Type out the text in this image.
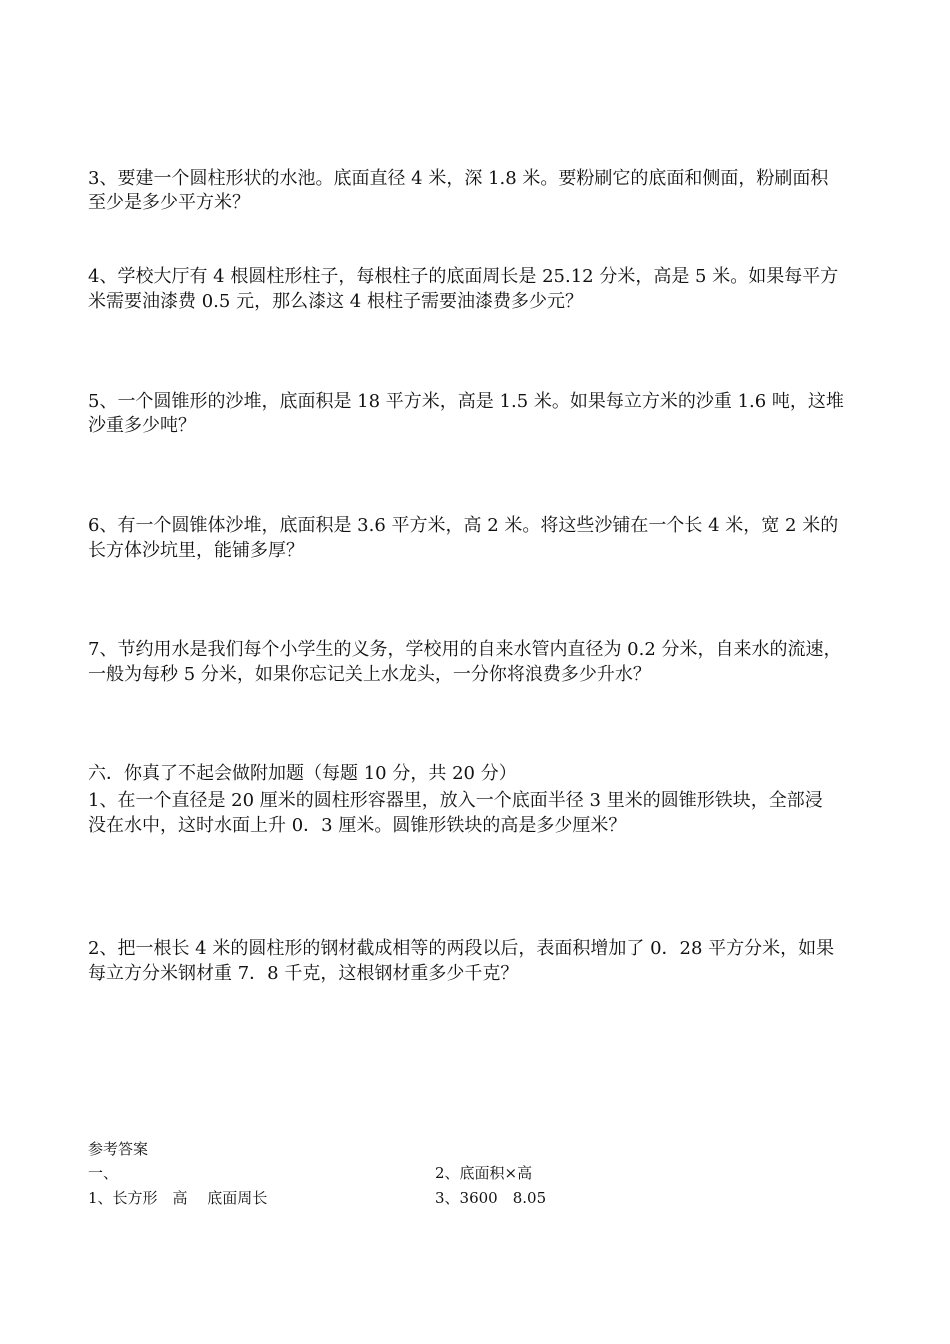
3、要建一个圆柱形状的水池。底面直径 4 米，深 1.8 米。要粉刷它的底面和侧面，粉刷面积
至少是多少平方米？
4、学校大厅有 4 根圆柱形柱子，每根柱子的底面周长是 25.12 分米，高是 5 米。如果每平方
米需要油漆费 0.5 元，那么漆这 4 根柱子需要油漆费多少元？
5、一个圆锥形的沙堆，底面积是 18 平方米，高是 1.5 米。如果每立方米的沙重 1.6 吨，这堆
沙重多少吨？
6、有一个圆锥体沙堆，底面积是 3.6 平方米，高 2 米。将这些沙铺在一个长 4 米，宽 2 米的
长方体沙坑里，能铺多厚？
7、节约用水是我们每个小学生的义务，学校用的自来水管内直径为 0.2 分米，自来水的流速，
一般为每秒 5 分米，如果你忘记关上水龙头，一分你将浪费多少升水？
六．你真了不起会做附加题（每题 10 分，共 20 分）
1、在一个直径是 20 厘米的圆柱形容器里，放入一个底面半径 3 里米的圆锥形铁块，全部浸
没在水中，这时水面上升 0．3 厘米。圆锥形铁块的高是多少厘米？
2、把一根长 4 米的圆柱形的钢材截成相等的两段以后，表面积增加了 0．28 平方分米，如果
每立方分米钢材重 7．8 千克，这根钢材重多少千克？
参考答案
一、	2、底面积×高
1、长方形　高　 底面周长	3、3600　8.05
